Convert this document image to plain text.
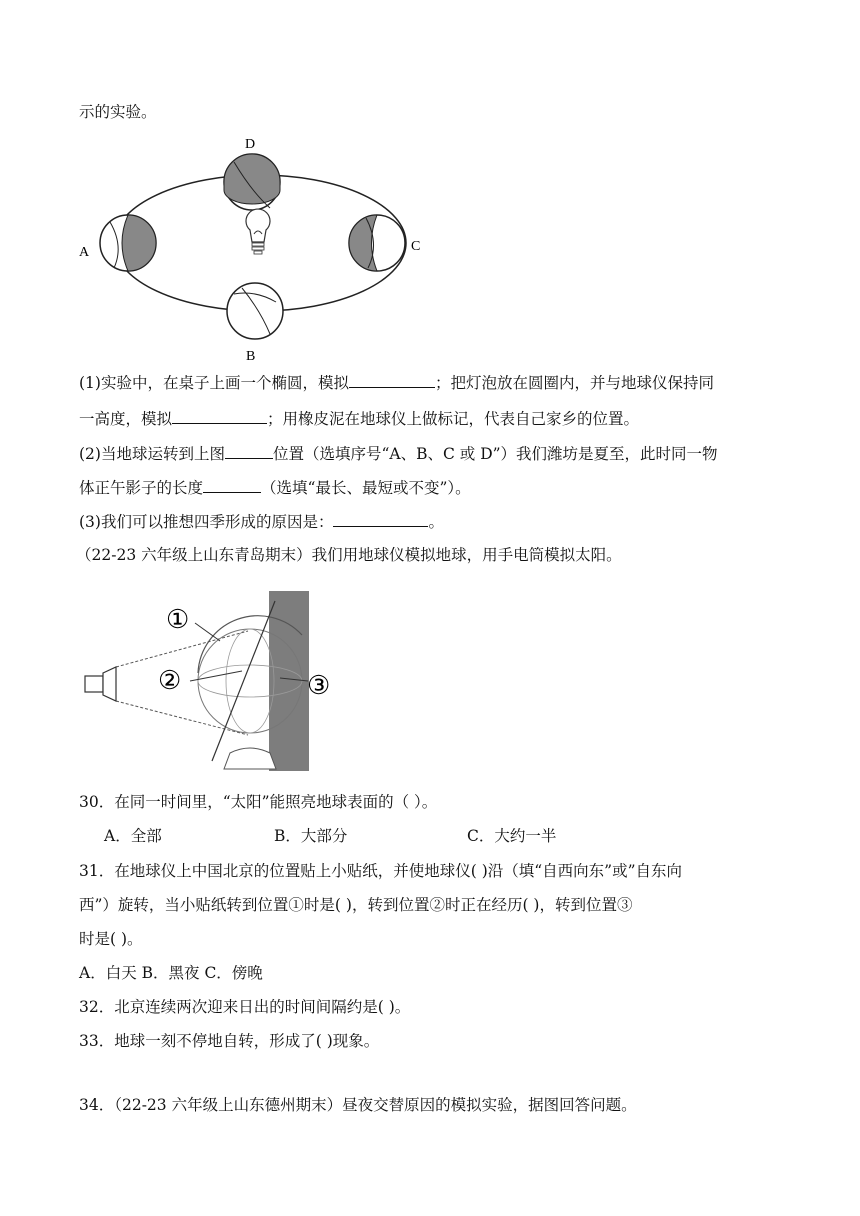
示的实验。
D
A	C
B
(1)实验中，在桌子上画一个椭圆，模拟	；把灯泡放在圆圈内，并与地球仪保持同
一高度，模拟	；用橡皮泥在地球仪上做标记，代表自己家乡的位置。
(2)当地球运转到上图	位置（选填序号“A、B、C 或 D”）我们潍坊是夏至，此时同一物
体正午影子的长度	（选填“最长、最短或不变”）。
(3)我们可以推想四季形成的原因是：	。
（22-23 六年级上山东青岛期末）我们用地球仪模拟地球，用手电筒模拟太阳。
①
②	③
30．在同一时间里，“太阳”能照亮地球表面的（ ）。
A．全部	B．大部分	C．大约一半
31．在地球仪上中国北京的位置贴上小贴纸，并使地球仪( )沿（填“自西向东”或”自东向
西”）旋转，当小贴纸转到位置①时是( )，转到位置②时正在经历( )，转到位置③
时是( )。
A．白天 B．黑夜 C．傍晚
32．北京连续两次迎来日出的时间间隔约是( )。
33．地球一刻不停地自转，形成了( )现象。
34．（22-23 六年级上山东德州期末）昼夜交替原因的模拟实验，据图回答问题。
